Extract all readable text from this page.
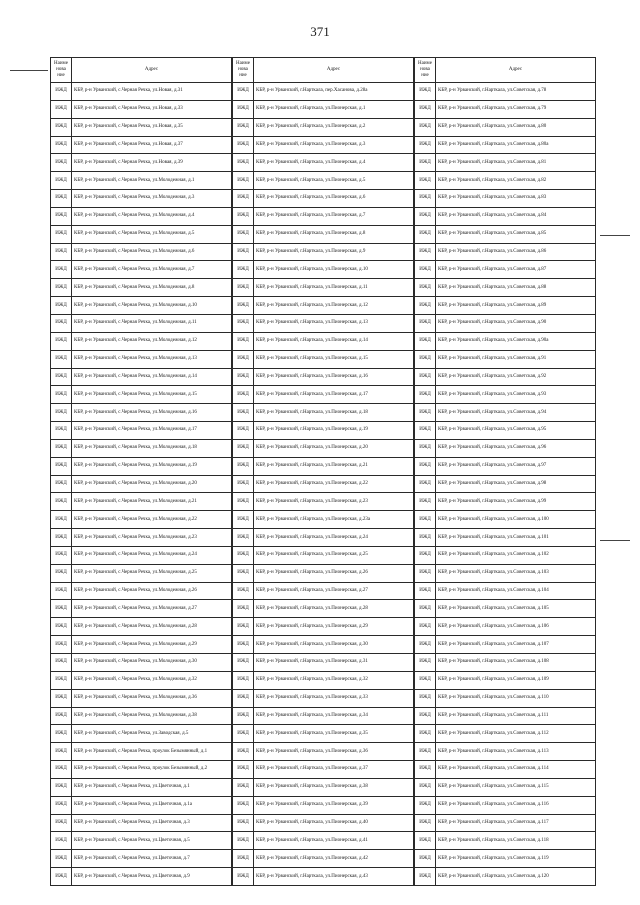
371
Наиме нова ние	Адрес
ИЖД	КБР, р-н Урванский, с.Черная Речка, ул.Новая, д.31
ИЖД	КБР, р-н Урванский, с.Черная Речка, ул.Новая, д.33
ИЖД	КБР, р-н Урванский, с.Черная Речка, ул.Новая, д.35
ИЖД	КБР, р-н Урванский, с.Черная Речка, ул.Новая, д.37
ИЖД	КБР, р-н Урванский, с.Черная Речка, ул.Новая, д.39
ИЖД	КБР, р-н Урванский, с.Черная Речка, ул.Молодежная, д.1
ИЖД	КБР, р-н Урванский, с.Черная Речка, ул.Молодежная, д.3
ИЖД	КБР, р-н Урванский, с.Черная Речка, ул.Молодежная, д.4
ИЖД	КБР, р-н Урванский, с.Черная Речка, ул.Молодежная, д.5
ИЖД	КБР, р-н Урванский, с.Черная Речка, ул.Молодежная, д.6
ИЖД	КБР, р-н Урванский, с.Черная Речка, ул.Молодежная, д.7
ИЖД	КБР, р-н Урванский, с.Черная Речка, ул.Молодежная, д.8
ИЖД	КБР, р-н Урванский, с.Черная Речка, ул.Молодежная, д.10
ИЖД	КБР, р-н Урванский, с.Черная Речка, ул.Молодежная, д.11
ИЖД	КБР, р-н Урванский, с.Черная Речка, ул.Молодежная, д.12
ИЖД	КБР, р-н Урванский, с.Черная Речка, ул.Молодежная, д.13
ИЖД	КБР, р-н Урванский, с.Черная Речка, ул.Молодежная, д.14
ИЖД	КБР, р-н Урванский, с.Черная Речка, ул.Молодежная, д.15
ИЖД	КБР, р-н Урванский, с.Черная Речка, ул.Молодежная, д.16
ИЖД	КБР, р-н Урванский, с.Черная Речка, ул.Молодежная, д.17
ИЖД	КБР, р-н Урванский, с.Черная Речка, ул.Молодежная, д.18
ИЖД	КБР, р-н Урванский, с.Черная Речка, ул.Молодежная, д.19
ИЖД	КБР, р-н Урванский, с.Черная Речка, ул.Молодежная, д.20
ИЖД	КБР, р-н Урванский, с.Черная Речка, ул.Молодежная, д.21
ИЖД	КБР, р-н Урванский, с.Черная Речка, ул.Молодежная, д.22
ИЖД	КБР, р-н Урванский, с.Черная Речка, ул.Молодежная, д.23
ИЖД	КБР, р-н Урванский, с.Черная Речка, ул.Молодежная, д.24
ИЖД	КБР, р-н Урванский, с.Черная Речка, ул.Молодежная, д.25
ИЖД	КБР, р-н Урванский, с.Черная Речка, ул.Молодежная, д.26
ИЖД	КБР, р-н Урванский, с.Черная Речка, ул.Молодежная, д.27
ИЖД	КБР, р-н Урванский, с.Черная Речка, ул.Молодежная, д.28
ИЖД	КБР, р-н Урванский, с.Черная Речка, ул.Молодежная, д.29
ИЖД	КБР, р-н Урванский, с.Черная Речка, ул.Молодежная, д.30
ИЖД	КБР, р-н Урванский, с.Черная Речка, ул.Молодежная, д.32
ИЖД	КБР, р-н Урванский, с.Черная Речка, ул.Молодежная, д.36
ИЖД	КБР, р-н Урванский, с.Черная Речка, ул.Молодежная, д.38
ИЖД	КБР, р-н Урванский, с.Черная Речка, ул.Заводская, д.5
ИЖД	КБР, р-н Урванский, с.Черная Речка, проулок Безымянный, д.1
ИЖД	КБР, р-н Урванский, с.Черная Речка, проулок Безымянный, д.2
ИЖД	КБР, р-н Урванский, с.Черная Речка, ул.Цветочная, д.1
ИЖД	КБР, р-н Урванский, с.Черная Речка, ул.Цветочная, д.1а
ИЖД	КБР, р-н Урванский, с.Черная Речка, ул.Цветочная, д.3
ИЖД	КБР, р-н Урванский, с.Черная Речка, ул.Цветочная, д.5
ИЖД	КБР, р-н Урванский, с.Черная Речка, ул.Цветочная, д.7
ИЖД	КБР, р-н Урванский, с.Черная Речка, ул.Цветочная, д.9
Наиме нова ние	Адрес
ИЖД	КБР, р-н Урванский, г.Нарткала, пер.Хасанова, д.28а
ИЖД	КБР, р-н Урванский, г.Нарткала, ул.Пионерская, д.1
ИЖД	КБР, р-н Урванский, г.Нарткала, ул.Пионерская, д.2
ИЖД	КБР, р-н Урванский, г.Нарткала, ул.Пионерская, д.3
ИЖД	КБР, р-н Урванский, г.Нарткала, ул.Пионерская, д.4
ИЖД	КБР, р-н Урванский, г.Нарткала, ул.Пионерская, д.5
ИЖД	КБР, р-н Урванский, г.Нарткала, ул.Пионерская, д.6
ИЖД	КБР, р-н Урванский, г.Нарткала, ул.Пионерская, д.7
ИЖД	КБР, р-н Урванский, г.Нарткала, ул.Пионерская, д.8
ИЖД	КБР, р-н Урванский, г.Нарткала, ул.Пионерская, д.9
ИЖД	КБР, р-н Урванский, г.Нарткала, ул.Пионерская, д.10
ИЖД	КБР, р-н Урванский, г.Нарткала, ул.Пионерская, д.11
ИЖД	КБР, р-н Урванский, г.Нарткала, ул.Пионерская, д.12
ИЖД	КБР, р-н Урванский, г.Нарткала, ул.Пионерская, д.13
ИЖД	КБР, р-н Урванский, г.Нарткала, ул.Пионерская, д.14
ИЖД	КБР, р-н Урванский, г.Нарткала, ул.Пионерская, д.15
ИЖД	КБР, р-н Урванский, г.Нарткала, ул.Пионерская, д.16
ИЖД	КБР, р-н Урванский, г.Нарткала, ул.Пионерская, д.17
ИЖД	КБР, р-н Урванский, г.Нарткала, ул.Пионерская, д.18
ИЖД	КБР, р-н Урванский, г.Нарткала, ул.Пионерская, д.19
ИЖД	КБР, р-н Урванский, г.Нарткала, ул.Пионерская, д.20
ИЖД	КБР, р-н Урванский, г.Нарткала, ул.Пионерская, д.21
ИЖД	КБР, р-н Урванский, г.Нарткала, ул.Пионерская, д.22
ИЖД	КБР, р-н Урванский, г.Нарткала, ул.Пионерская, д.23
ИЖД	КБР, р-н Урванский, г.Нарткала, ул.Пионерская, д.23а
ИЖД	КБР, р-н Урванский, г.Нарткала, ул.Пионерская, д.24
ИЖД	КБР, р-н Урванский, г.Нарткала, ул.Пионерская, д.25
ИЖД	КБР, р-н Урванский, г.Нарткала, ул.Пионерская, д.26
ИЖД	КБР, р-н Урванский, г.Нарткала, ул.Пионерская, д.27
ИЖД	КБР, р-н Урванский, г.Нарткала, ул.Пионерская, д.28
ИЖД	КБР, р-н Урванский, г.Нарткала, ул.Пионерская, д.29
ИЖД	КБР, р-н Урванский, г.Нарткала, ул.Пионерская, д.30
ИЖД	КБР, р-н Урванский, г.Нарткала, ул.Пионерская, д.31
ИЖД	КБР, р-н Урванский, г.Нарткала, ул.Пионерская, д.32
ИЖД	КБР, р-н Урванский, г.Нарткала, ул.Пионерская, д.33
ИЖД	КБР, р-н Урванский, г.Нарткала, ул.Пионерская, д.34
ИЖД	КБР, р-н Урванский, г.Нарткала, ул.Пионерская, д.35
ИЖД	КБР, р-н Урванский, г.Нарткала, ул.Пионерская, д.36
ИЖД	КБР, р-н Урванский, г.Нарткала, ул.Пионерская, д.37
ИЖД	КБР, р-н Урванский, г.Нарткала, ул.Пионерская, д.38
ИЖД	КБР, р-н Урванский, г.Нарткала, ул.Пионерская, д.39
ИЖД	КБР, р-н Урванский, г.Нарткала, ул.Пионерская, д.40
ИЖД	КБР, р-н Урванский, г.Нарткала, ул.Пионерская, д.41
ИЖД	КБР, р-н Урванский, г.Нарткала, ул.Пионерская, д.42
ИЖД	КБР, р-н Урванский, г.Нарткала, ул.Пионерская, д.43
Наиме нова ние	Адрес
ИЖД	КБР, р-н Урванский, г.Нарткала, ул.Советская, д.78
ИЖД	КБР, р-н Урванский, г.Нарткала, ул.Советская, д.79
ИЖД	КБР, р-н Урванский, г.Нарткала, ул.Советская, д.80
ИЖД	КБР, р-н Урванский, г.Нарткала, ул.Советская, д.80а
ИЖД	КБР, р-н Урванский, г.Нарткала, ул.Советская, д.81
ИЖД	КБР, р-н Урванский, г.Нарткала, ул.Советская, д.82
ИЖД	КБР, р-н Урванский, г.Нарткала, ул.Советская, д.83
ИЖД	КБР, р-н Урванский, г.Нарткала, ул.Советская, д.84
ИЖД	КБР, р-н Урванский, г.Нарткала, ул.Советская, д.85
ИЖД	КБР, р-н Урванский, г.Нарткала, ул.Советская, д.86
ИЖД	КБР, р-н Урванский, г.Нарткала, ул.Советская, д.87
ИЖД	КБР, р-н Урванский, г.Нарткала, ул.Советская, д.88
ИЖД	КБР, р-н Урванский, г.Нарткала, ул.Советская, д.89
ИЖД	КБР, р-н Урванский, г.Нарткала, ул.Советская, д.90
ИЖД	КБР, р-н Урванский, г.Нарткала, ул.Советская, д.90а
ИЖД	КБР, р-н Урванский, г.Нарткала, ул.Советская, д.91
ИЖД	КБР, р-н Урванский, г.Нарткала, ул.Советская, д.92
ИЖД	КБР, р-н Урванский, г.Нарткала, ул.Советская, д.93
ИЖД	КБР, р-н Урванский, г.Нарткала, ул.Советская, д.94
ИЖД	КБР, р-н Урванский, г.Нарткала, ул.Советская, д.95
ИЖД	КБР, р-н Урванский, г.Нарткала, ул.Советская, д.96
ИЖД	КБР, р-н Урванский, г.Нарткала, ул.Советская, д.97
ИЖД	КБР, р-н Урванский, г.Нарткала, ул.Советская, д.98
ИЖД	КБР, р-н Урванский, г.Нарткала, ул.Советская, д.99
ИЖД	КБР, р-н Урванский, г.Нарткала, ул.Советская, д.100
ИЖД	КБР, р-н Урванский, г.Нарткала, ул.Советская, д.101
ИЖД	КБР, р-н Урванский, г.Нарткала, ул.Советская, д.102
ИЖД	КБР, р-н Урванский, г.Нарткала, ул.Советская, д.103
ИЖД	КБР, р-н Урванский, г.Нарткала, ул.Советская, д.104
ИЖД	КБР, р-н Урванский, г.Нарткала, ул.Советская, д.105
ИЖД	КБР, р-н Урванский, г.Нарткала, ул.Советская, д.106
ИЖД	КБР, р-н Урванский, г.Нарткала, ул.Советская, д.107
ИЖД	КБР, р-н Урванский, г.Нарткала, ул.Советская, д.108
ИЖД	КБР, р-н Урванский, г.Нарткала, ул.Советская, д.109
ИЖД	КБР, р-н Урванский, г.Нарткала, ул.Советская, д.110
ИЖД	КБР, р-н Урванский, г.Нарткала, ул.Советская, д.111
ИЖД	КБР, р-н Урванский, г.Нарткала, ул.Советская, д.112
ИЖД	КБР, р-н Урванский, г.Нарткала, ул.Советская, д.113
ИЖД	КБР, р-н Урванский, г.Нарткала, ул.Советская, д.114
ИЖД	КБР, р-н Урванский, г.Нарткала, ул.Советская, д.115
ИЖД	КБР, р-н Урванский, г.Нарткала, ул.Советская, д.116
ИЖД	КБР, р-н Урванский, г.Нарткала, ул.Советская, д.117
ИЖД	КБР, р-н Урванский, г.Нарткала, ул.Советская, д.118
ИЖД	КБР, р-н Урванский, г.Нарткала, ул.Советская, д.119
ИЖД	КБР, р-н Урванский, г.Нарткала, ул.Советская, д.120
